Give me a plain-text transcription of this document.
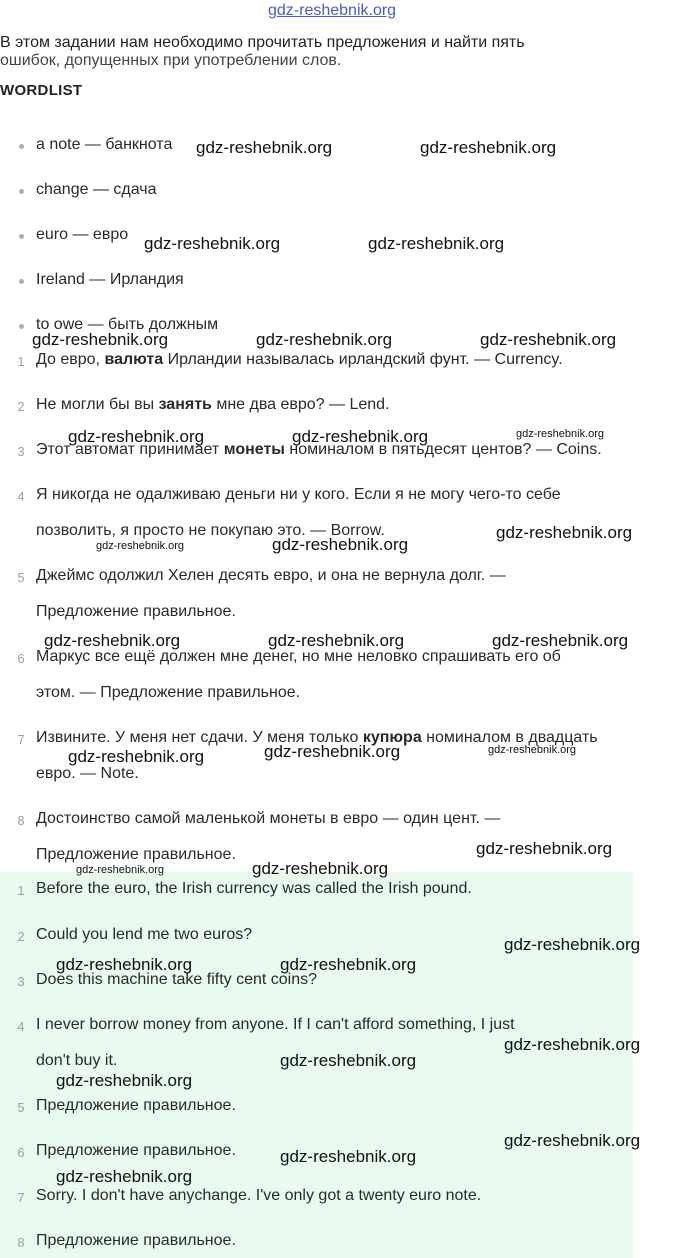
gdz-reshebnik.org
В этом задании нам необходимо прочитать предложения и найти пять
ошибок, допущенных при употреблении слов.
WORDLIST
a note — банкнота
change — сдача
euro — евро
Ireland — Ирландия
to owe — быть должным
1 До евро, валюта Ирландии называлась ирландский фунт. — Currency.
2 Не могли бы вы занять мне два евро? — Lend.
3 Этот автомат принимает монеты номиналом в пятьдесят центов? — Coins.
4 Я никогда не одалживаю деньги ни у кого. Если я не могу чего-то себе
позволить, я просто не покупаю это. — Borrow.
5 Джеймс одолжил Хелен десять евро, и она не вернула долг. —
Предложение правильное.
6 Маркус все ещё должен мне денег, но мне неловко спрашивать его об
этом. — Предложение правильное.
7 Извините. У меня нет сдачи. У меня только купюра номиналом в двадцать
евро. — Note.
8 Достоинство самой маленькой монеты в евро — один цент. —
Предложение правильное.
1 Before the euro, the Irish currency was called the Irish pound.
2 Could you lend me two euros?
3 Does this machine take fifty cent coins?
4 I never borrow money from anyone. If I can't afford something, I just
don't buy it.
5 Предложение правильное.
6 Предложение правильное.
7 Sorry. I don't have anychange. I've only got a twenty euro note.
8 Предложение правильное.
gdz-reshebnik.org	gdz-reshebnik.org
gdz-reshebnik.org	gdz-reshebnik.org
gdz-reshebnik.org	gdz-reshebnik.org	gdz-reshebnik.org
gdz-reshebnik.org	gdz-reshebnik.org	gdz-reshebnik.org
gdz-reshebnik.org
gdz-reshebnik.org	gdz-reshebnik.org
gdz-reshebnik.org	gdz-reshebnik.org	gdz-reshebnik.org
gdz-reshebnik.org	gdz-reshebnik.org	gdz-reshebnik.org
gdz-reshebnik.org
gdz-reshebnik.org
gdz-reshebnik.org
gdz-reshebnik.org
gdz-reshebnik.org	gdz-reshebnik.org
gdz-reshebnik.org
gdz-reshebnik.org
gdz-reshebnik.org
gdz-reshebnik.org
gdz-reshebnik.org
gdz-reshebnik.org
